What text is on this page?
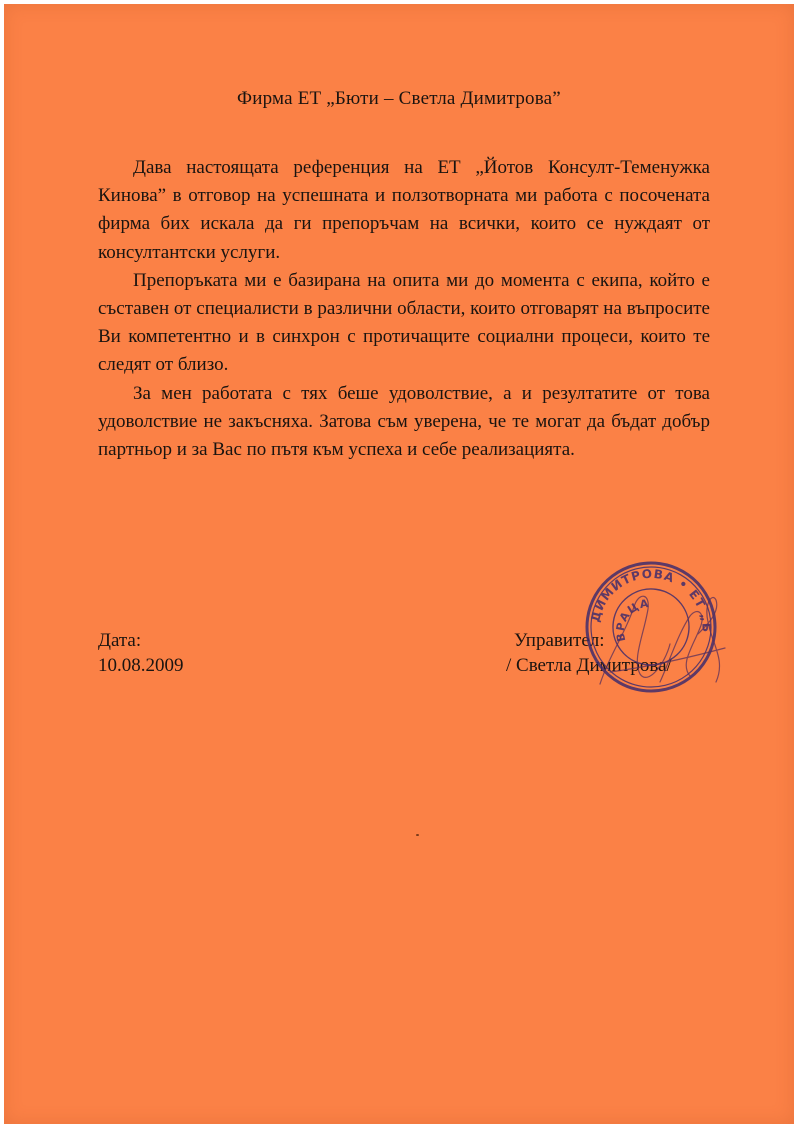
Фирма ЕТ „Бюти – Светла Димитрова”

Дава настоящата референция на ЕТ „Йотов Консулт-Теменужка Кинова” в отговор на успешната и ползотворната ми работа с посочената фирма бих искала да ги препоръчам на всички, които се нуждаят от консултантски услуги.

Препоръката ми е базирана на опита ми до момента с екипа, който е съставен от специалисти в различни области, които отговарят на въпросите Ви компетентно и в синхрон с протичащите социални процеси, които те следят от близо.

За мен работата с тях беше удоволствие, а и резултатите от това удоволствие не закъсняха. Затова съм уверена, че те могат да бъдат добър партньор и за Вас по пътя към успеха и себе реализацията.

Дата:
10.08.2009
Управител:
/ Светла Димитрова/
ДИМИТРОВА • ЕТ „БЮТИ
ВРАЦА
